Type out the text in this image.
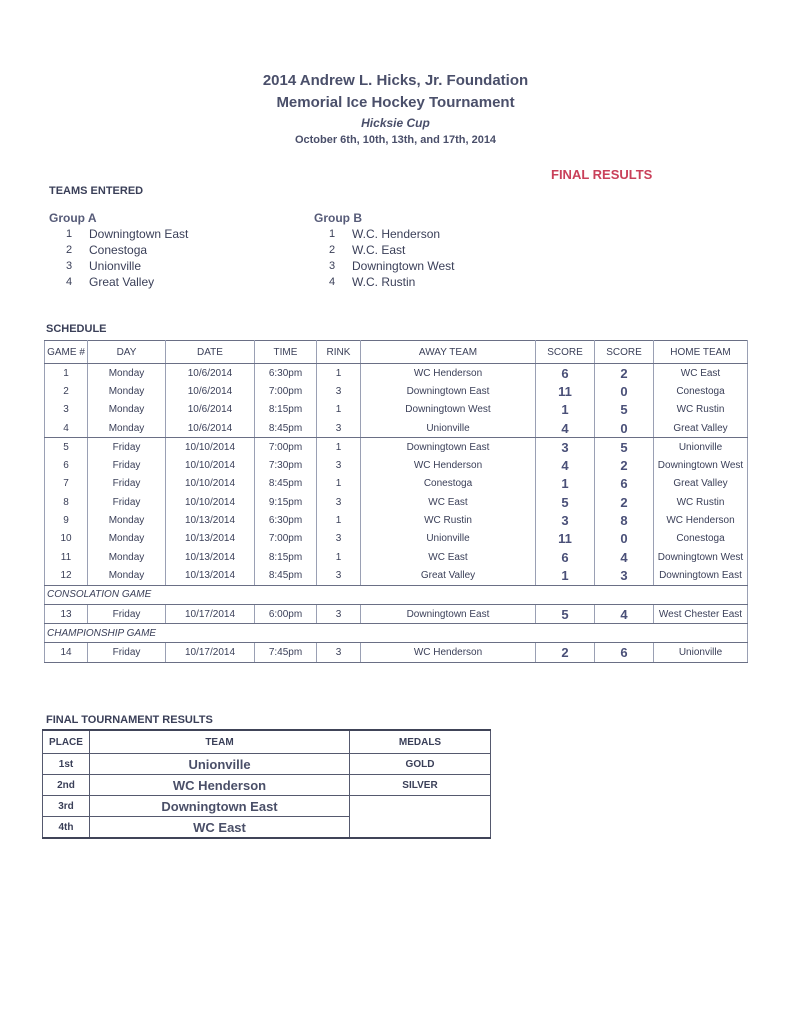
2014 Andrew L. Hicks, Jr. Foundation
Memorial Ice Hockey Tournament
Hicksie Cup
October 6th, 10th, 13th, and 17th, 2014
FINAL RESULTS
TEAMS ENTERED
Group A
1	Downingtown East
2	Conestoga
3	Unionville
4	Great Valley
Group B
1	W.C. Henderson
2	W.C. East
3	Downingtown West
4	W.C. Rustin
SCHEDULE
GAME #	DAY	DATE	TIME	RINK	AWAY TEAM	SCORE	SCORE	HOME TEAM
1	Monday	10/6/2014	6:30pm	1	WC Henderson	6	2	WC East
2	Monday	10/6/2014	7:00pm	3	Downingtown East	11	0	Conestoga
3	Monday	10/6/2014	8:15pm	1	Downingtown West	1	5	WC Rustin
4	Monday	10/6/2014	8:45pm	3	Unionville	4	0	Great Valley
5	Friday	10/10/2014	7:00pm	1	Downingtown East	3	5	Unionville
6	Friday	10/10/2014	7:30pm	3	WC Henderson	4	2	Downingtown West
7	Friday	10/10/2014	8:45pm	1	Conestoga	1	6	Great Valley
8	Friday	10/10/2014	9:15pm	3	WC East	5	2	WC Rustin
9	Monday	10/13/2014	6:30pm	1	WC Rustin	3	8	WC Henderson
10	Monday	10/13/2014	7:00pm	3	Unionville	11	0	Conestoga
11	Monday	10/13/2014	8:15pm	1	WC East	6	4	Downingtown West
12	Monday	10/13/2014	8:45pm	3	Great Valley	1	3	Downingtown East
CONSOLATION GAME								
13	Friday	10/17/2014	6:00pm	3	Downingtown East	5	4	West Chester East
CHAMPIONSHIP GAME								
14	Friday	10/17/2014	7:45pm	3	WC Henderson	2	6	Unionville
FINAL TOURNAMENT RESULTS
PLACE	TEAM	MEDALS
1st	Unionville	GOLD
2nd	WC Henderson	SILVER
3rd	Downingtown East	
4th	WC East	
